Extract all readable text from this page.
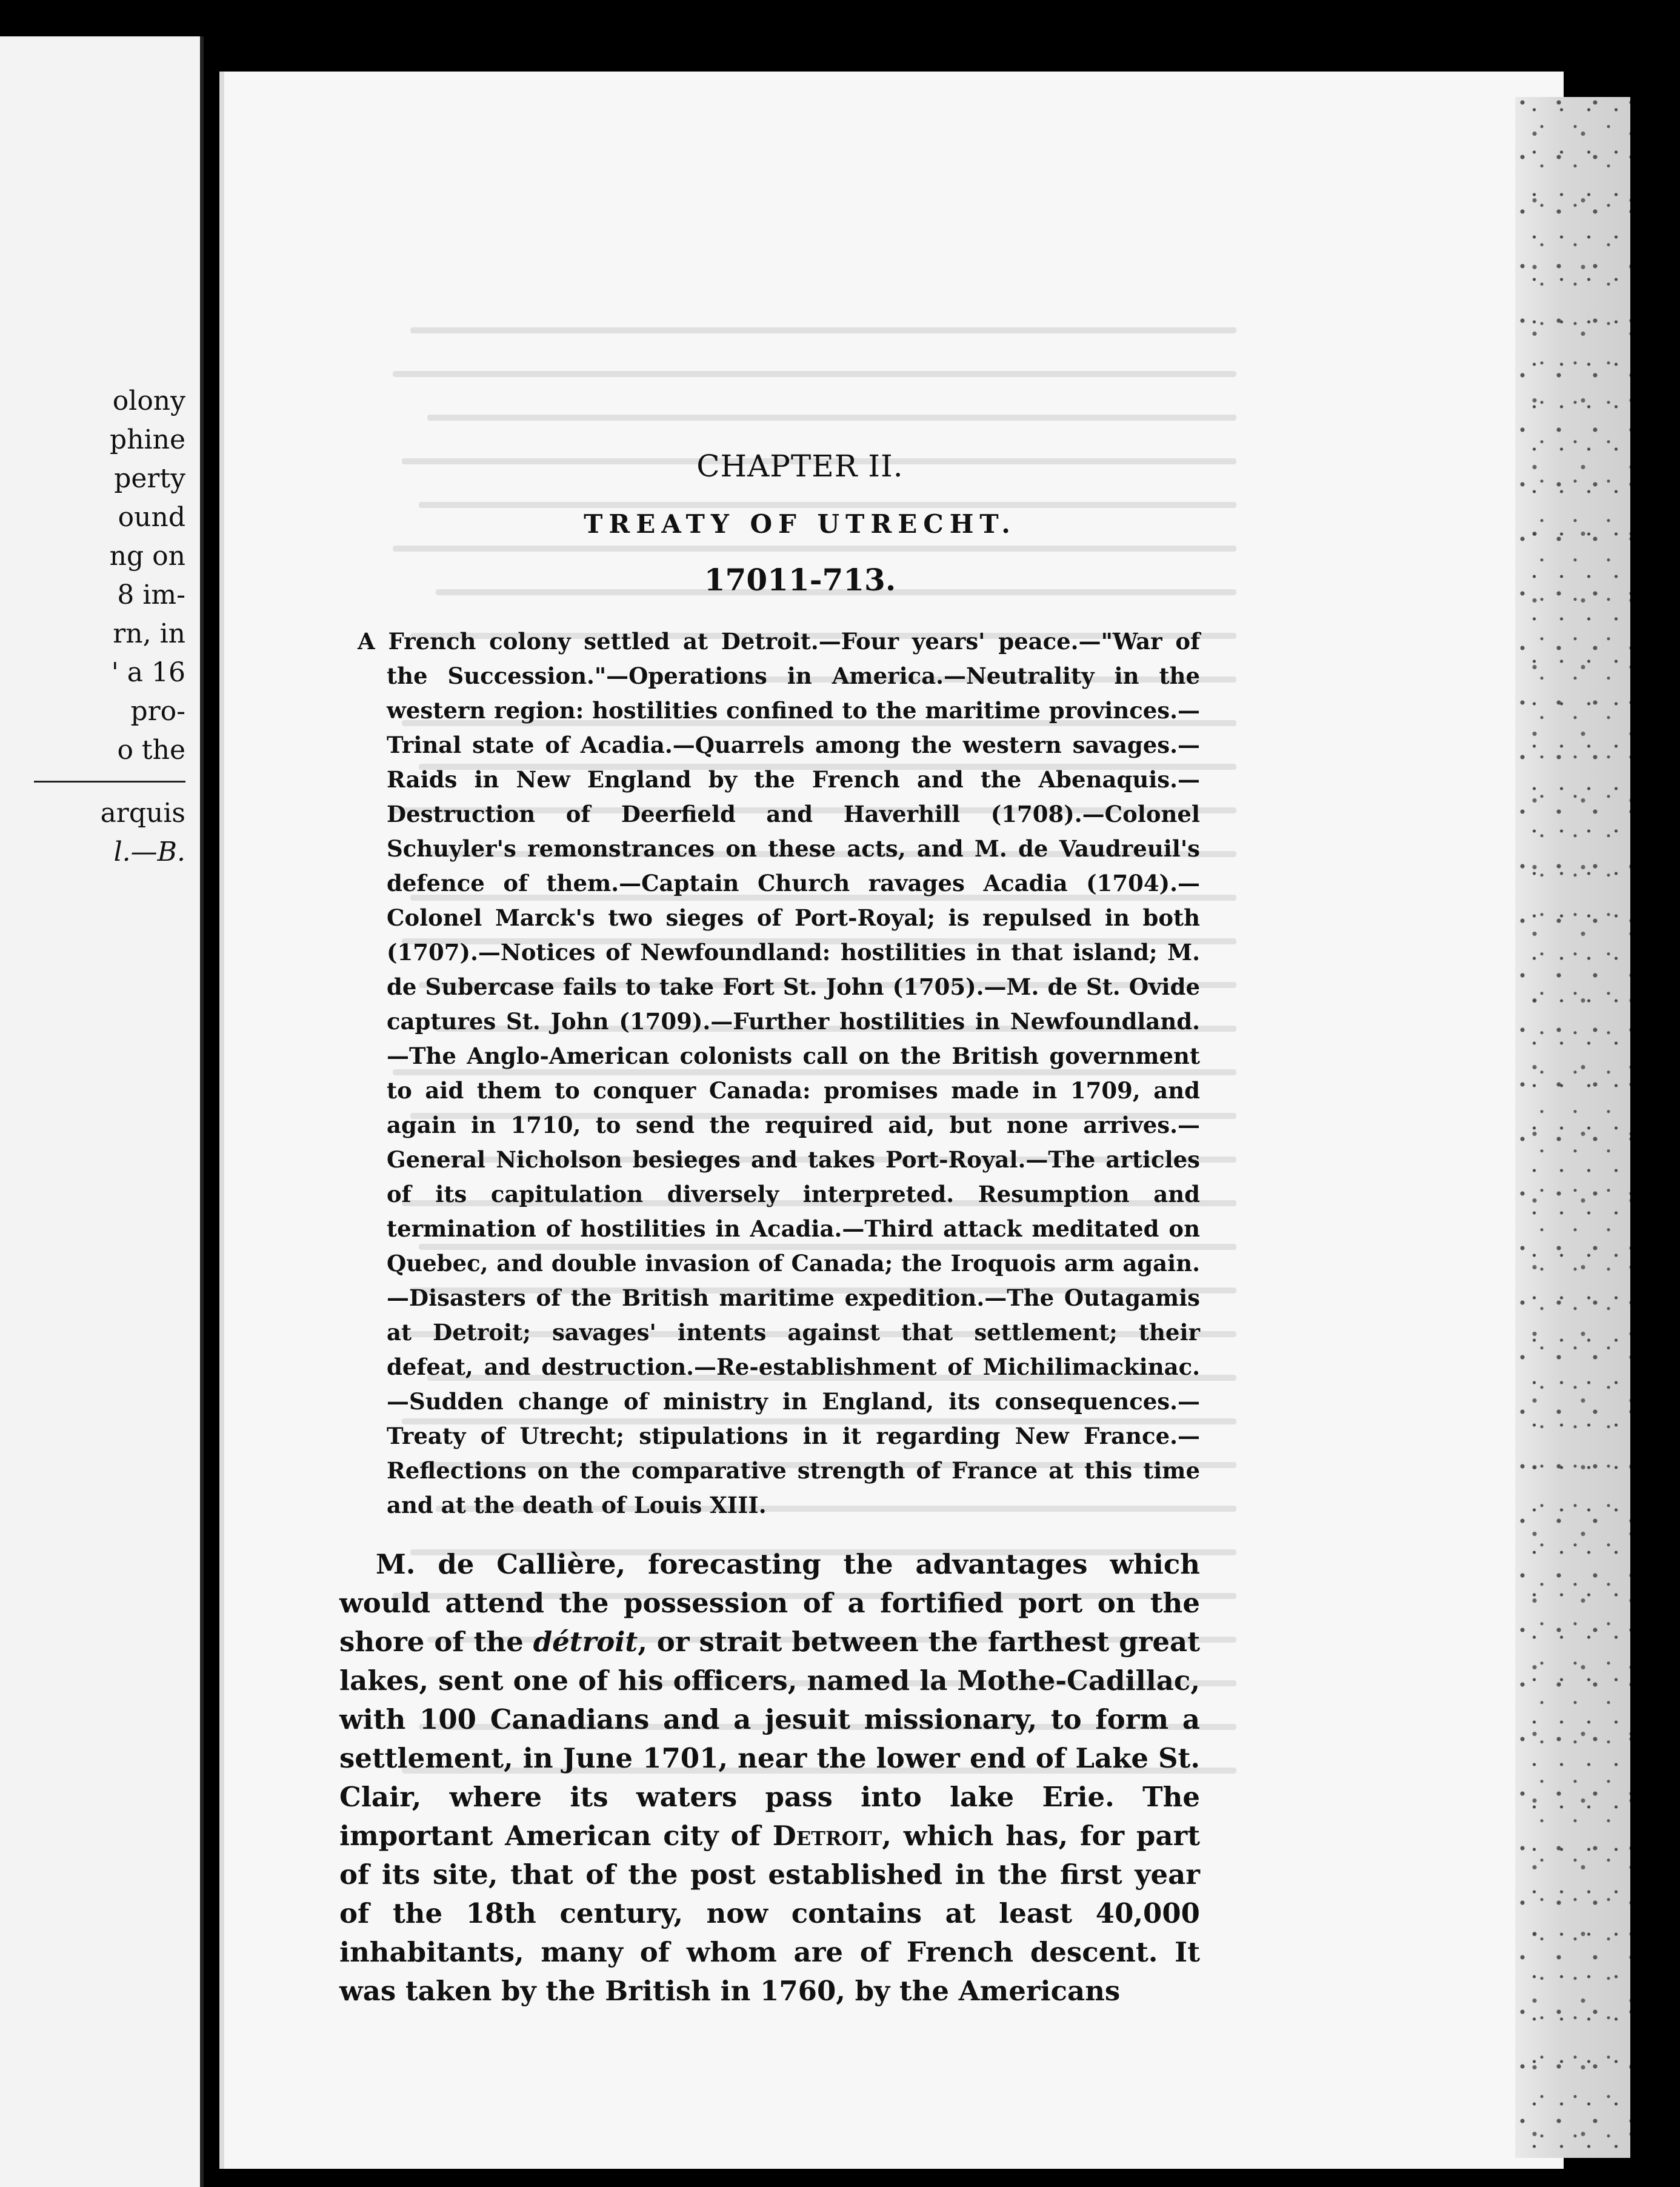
olony
phine
perty
ound
ng on
8 im-
rn, in
' a 16
pro-
o the
arquis
l.—B.
CHAPTER II.
TREATY OF UTRECHT.
17011-713.

A French colony settled at Detroit.—Four years' peace.—"War of the Succession."—Operations in America.—Neutrality in the western region: hostilities confined to the maritime provinces.—Trinal state of Acadia.—Quarrels among the western savages.—Raids in New England by the French and the Abenaquis.—Destruction of Deerfield and Haverhill (1708).—Colonel Schuyler's remonstrances on these acts, and M. de Vaudreuil's defence of them.—Captain Church ravages Acadia (1704).—Colonel Marck's two sieges of Port-Royal; is repulsed in both (1707).—Notices of Newfoundland: hostilities in that island; M. de Subercase fails to take Fort St. John (1705).—M. de St. Ovide captures St. John (1709).—Further hostilities in Newfoundland.—The Anglo-American colonists call on the British government to aid them to conquer Canada: promises made in 1709, and again in 1710, to send the required aid, but none arrives.—General Nicholson besieges and takes Port-Royal.—The articles of its capitulation diversely interpreted. Resumption and termination of hostilities in Acadia.—Third attack meditated on Quebec, and double invasion of Canada; the Iroquois arm again.—Disasters of the British maritime expedition.—The Outagamis at Detroit; savages' intents against that settlement; their defeat, and destruction.—Re-establishment of Michilimackinac.—Sudden change of ministry in England, its consequences.—Treaty of Utrecht; stipulations in it regarding New France.—Reflections on the comparative strength of France at this time and at the death of Louis XIII.

M. de Callière, forecasting the advantages which would attend the possession of a fortified port on the shore of the détroit, or strait between the farthest great lakes, sent one of his officers, named la Mothe-Cadillac, with 100 Canadians and a jesuit missionary, to form a settlement, in June 1701, near the lower end of Lake St. Clair, where its waters pass into lake Erie. The important American city of Detroit, which has, for part of its site, that of the post established in the first year of the 18th century, now contains at least 40,000 inhabitants, many of whom are of French descent. It was taken by the British in 1760, by the Americans
